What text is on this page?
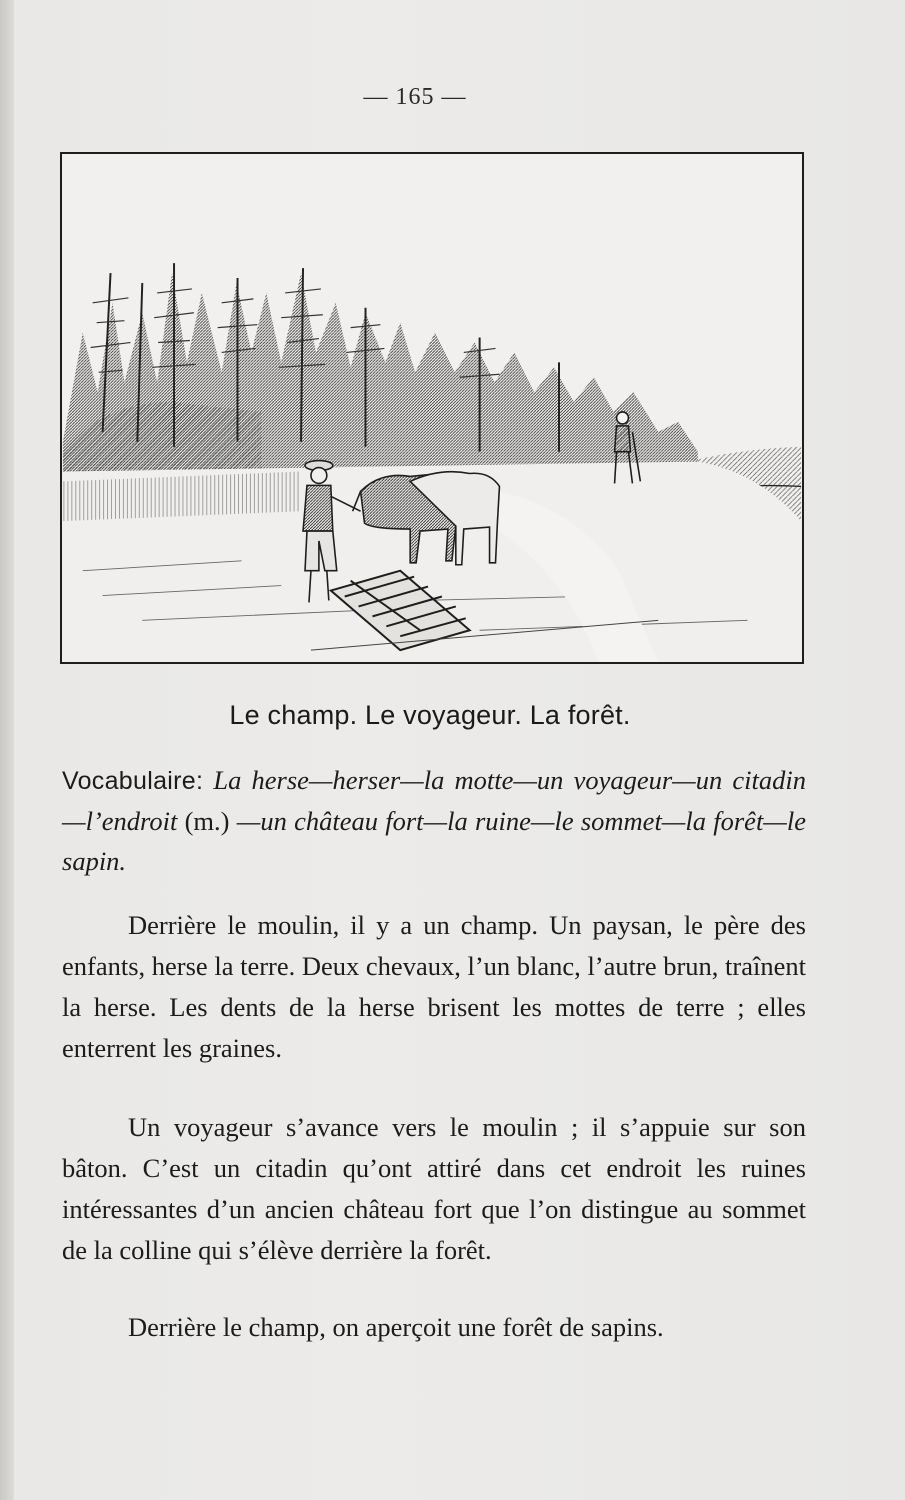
— 165 —
Le champ. Le voyageur. La forêt.
Vocabulaire: La herse—herser—la motte—un voyageur—un citadin—l’endroit (m.) —un château fort—la ruine—le sommet—la forêt—le sapin.

Derrière le moulin, il y a un champ. Un paysan, le père des enfants, herse la terre. Deux chevaux, l’un blanc, l’autre brun, traînent la herse. Les dents de la herse brisent les mottes de terre ; elles enterrent les graines.

Un voyageur s’avance vers le moulin ; il s’appuie sur son bâton. C’est un citadin qu’ont attiré dans cet endroit les ruines intéressantes d’un ancien château fort que l’on distingue au sommet de la colline qui s’élève derrière la forêt.

Derrière le champ, on aperçoit une forêt de sapins.
